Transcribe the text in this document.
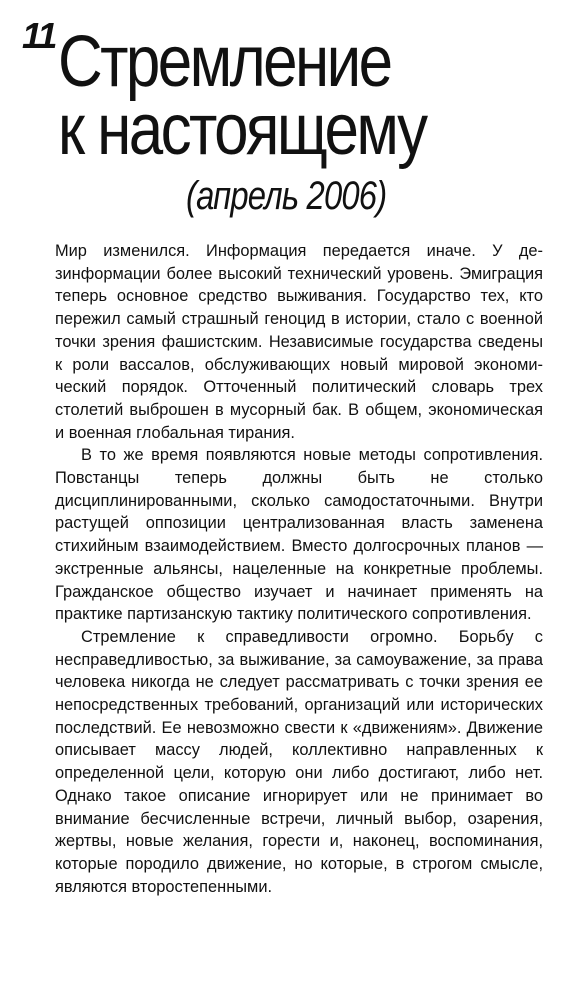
11 Стремление
к настоящему
(апрель 2006)

Мир изменился. Информация передается иначе. У дезинформации более высокий технический уровень. Эмиграция теперь основное средство выживания. Государство тех, кто пережил самый страшный геноцид в истории, стало с военной точки зрения фашистским. Независимые государства сведены к роли вассалов, обслуживающих новый мировой экономический порядок. Отточенный политический словарь трех столетий выброшен в мусорный бак. В общем, экономическая и военная глобальная тирания.

В то же время появляются новые методы сопротивления. Повстанцы теперь должны быть не столько дисциплинированными, сколько самодостаточными. Внутри растущей оппозиции централизованная власть заменена стихийным взаимодействием. Вместо долгосрочных планов — экстренные альянсы, нацеленные на конкретные проблемы. Гражданское общество изучает и начинает применять на практике партизанскую тактику политического сопротивления.

Стремление к справедливости огромно. Борьбу с несправедливостью, за выживание, за самоуважение, за права человека никогда не следует рассматривать с точки зрения ее непосредственных требований, организаций или исторических последствий. Ее невозможно свести к «движениям». Движение описывает массу людей, коллективно направленных к определенной цели, которую они либо достигают, либо нет. Однако такое описание игнорирует или не принимает во внимание бесчисленные встречи, личный выбор, озарения, жертвы, новые желания, горести и, наконец, воспоминания, которые породило движение, но которые, в строгом смысле, являются второстепенными.
